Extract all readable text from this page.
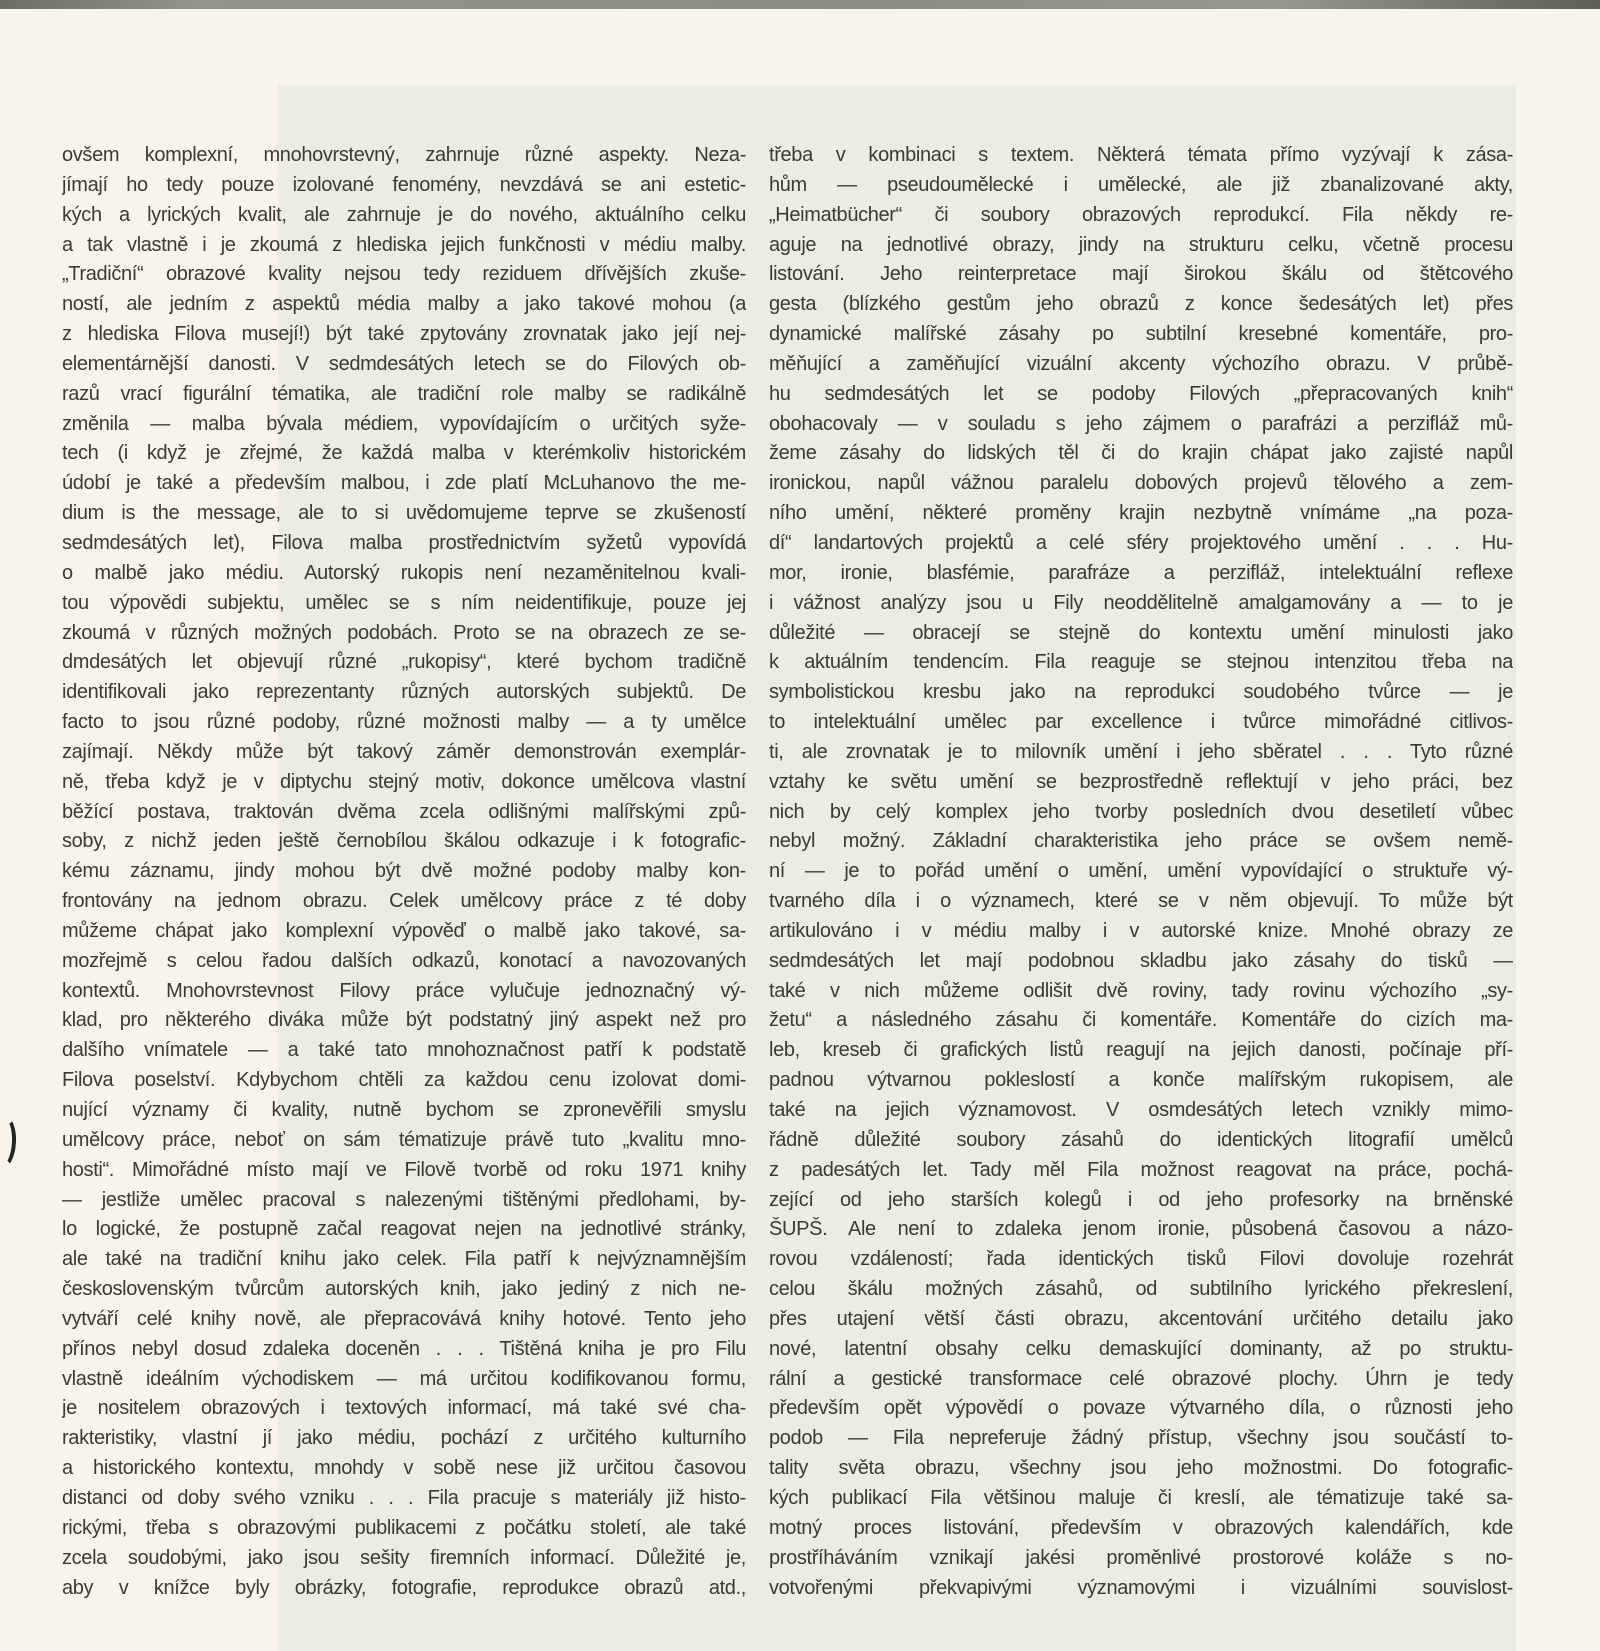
ovšem komplexní, mnohovrstevný, zahrnuje různé aspekty. Neza-
jímají ho tedy pouze izolované fenomény, nevzdává se ani estetic-
kých a lyrických kvalit, ale zahrnuje je do nového, aktuálního celku
a tak vlastně i je zkoumá z hlediska jejich funkčnosti v médiu malby.
„Tradiční“ obrazové kvality nejsou tedy reziduem dřívějších zkuše-
ností, ale jedním z aspektů média malby a jako takové mohou (a
z hlediska Filova musejí!) být také zpytovány zrovnatak jako její nej-
elementárnější danosti. V sedmdesátých letech se do Filových ob-
razů vrací figurální tématika, ale tradiční role malby se radikálně
změnila — malba bývala médiem, vypovídajícím o určitých syže-
tech (i když je zřejmé, že každá malba v kterémkoliv historickém
údobí je také a především malbou, i zde platí McLuhanovo the me-
dium is the message, ale to si uvědomujeme teprve se zkušeností
sedmdesátých let), Filova malba prostřednictvím syžetů vypovídá
o malbě jako médiu. Autorský rukopis není nezaměnitelnou kvali-
tou výpovědi subjektu, umělec se s ním neidentifikuje, pouze jej
zkoumá v různých možných podobách. Proto se na obrazech ze se-
dmdesátých let objevují různé „rukopisy“, které bychom tradičně
identifikovali jako reprezentanty různých autorských subjektů. De
facto to jsou různé podoby, různé možnosti malby — a ty umělce
zajímají. Někdy může být takový záměr demonstrován exemplár-
ně, třeba když je v diptychu stejný motiv, dokonce umělcova vlastní
běžící postava, traktován dvěma zcela odlišnými malířskými způ-
soby, z nichž jeden ještě černobílou škálou odkazuje i k fotografic-
kému záznamu, jindy mohou být dvě možné podoby malby kon-
frontovány na jednom obrazu. Celek umělcovy práce z té doby
můžeme chápat jako komplexní výpověď o malbě jako takové, sa-
mozřejmě s celou řadou dalších odkazů, konotací a navozovaných
kontextů. Mnohovrstevnost Filovy práce vylučuje jednoznačný vý-
klad, pro některého diváka může být podstatný jiný aspekt než pro
dalšího vnímatele — a také tato mnohoznačnost patří k podstatě
Filova poselství. Kdybychom chtěli za každou cenu izolovat domi-
nující významy či kvality, nutně bychom se zpronevěřili smyslu
umělcovy práce, neboť on sám tématizuje právě tuto „kvalitu mno-
hosti“. Mimořádné místo mají ve Filově tvorbě od roku 1971 knihy
— jestliže umělec pracoval s nalezenými tištěnými předlohami, by-
lo logické, že postupně začal reagovat nejen na jednotlivé stránky,
ale také na tradiční knihu jako celek. Fila patří k nejvýznamnějším
československým tvůrcům autorských knih, jako jediný z nich ne-
vytváří celé knihy nově, ale přepracovává knihy hotové. Tento jeho
přínos nebyl dosud zdaleka doceněn . . . Tištěná kniha je pro Filu
vlastně ideálním východiskem — má určitou kodifikovanou formu,
je nositelem obrazových i textových informací, má také své cha-
rakteristiky, vlastní jí jako médiu, pochází z určitého kulturního
a historického kontextu, mnohdy v sobě nese již určitou časovou
distanci od doby svého vzniku . . . Fila pracuje s materiály již histo-
rickými, třeba s obrazovými publikacemi z počátku století, ale také
zcela soudobými, jako jsou sešity firemních informací. Důležité je,
aby v knížce byly obrázky, fotografie, reprodukce obrazů atd.,
třeba v kombinaci s textem. Některá témata přímo vyzývají k zása-
hům — pseudoumělecké i umělecké, ale již zbanalizované akty,
„Heimatbücher“ či soubory obrazových reprodukcí. Fila někdy re-
aguje na jednotlivé obrazy, jindy na strukturu celku, včetně procesu
listování. Jeho reinterpretace mají širokou škálu od štětcového
gesta (blízkého gestům jeho obrazů z konce šedesátých let) přes
dynamické malířské zásahy po subtilní kresebné komentáře, pro-
měňující a zaměňující vizuální akcenty výchozího obrazu. V průbě-
hu sedmdesátých let se podoby Filových „přepracovaných knih“
obohacovaly — v souladu s jeho zájmem o parafrázi a perzifláž mů-
žeme zásahy do lidských těl či do krajin chápat jako zajisté napůl
ironickou, napůl vážnou paralelu dobových projevů tělového a zem-
ního umění, některé proměny krajin nezbytně vnímáme „na poza-
dí“ landartových projektů a celé sféry projektového umění . . . Hu-
mor, ironie, blasfémie, parafráze a perzifláž, intelektuální reflexe
i vážnost analýzy jsou u Fily neoddělitelně amalgamovány a — to je
důležité — obracejí se stejně do kontextu umění minulosti jako
k aktuálním tendencím. Fila reaguje se stejnou intenzitou třeba na
symbolistickou kresbu jako na reprodukci soudobého tvůrce — je
to intelektuální umělec par excellence i tvůrce mimořádné citlivos-
ti, ale zrovnatak je to milovník umění i jeho sběratel . . . Tyto různé
vztahy ke světu umění se bezprostředně reflektují v jeho práci, bez
nich by celý komplex jeho tvorby posledních dvou desetiletí vůbec
nebyl možný. Základní charakteristika jeho práce se ovšem nemě-
ní — je to pořád umění o umění, umění vypovídající o struktuře vý-
tvarného díla i o významech, které se v něm objevují. To může být
artikulováno i v médiu malby i v autorské knize. Mnohé obrazy ze
sedmdesátých let mají podobnou skladbu jako zásahy do tisků —
také v nich můžeme odlišit dvě roviny, tady rovinu výchozího „sy-
žetu“ a následného zásahu či komentáře. Komentáře do cizích ma-
leb, kreseb či grafických listů reagují na jejich danosti, počínaje pří-
padnou výtvarnou pokleslostí a konče malířským rukopisem, ale
také na jejich významovost. V osmdesátých letech vznikly mimo-
řádně důležité soubory zásahů do identických litografií umělců
z padesátých let. Tady měl Fila možnost reagovat na práce, pochá-
zející od jeho starších kolegů i od jeho profesorky na brněnské
ŠUPŠ. Ale není to zdaleka jenom ironie, působená časovou a názo-
rovou vzdáleností; řada identických tisků Filovi dovoluje rozehrát
celou škálu možných zásahů, od subtilního lyrického překreslení,
přes utajení větší části obrazu, akcentování určitého detailu jako
nové, latentní obsahy celku demaskující dominanty, až po struktu-
rální a gestické transformace celé obrazové plochy. Úhrn je tedy
především opět výpovědí o povaze výtvarného díla, o různosti jeho
podob — Fila nepreferuje žádný přístup, všechny jsou součástí to-
tality světa obrazu, všechny jsou jeho možnostmi. Do fotografic-
kých publikací Fila většinou maluje či kreslí, ale tématizuje také sa-
motný proces listování, především v obrazových kalendářích, kde
prostříháváním vznikají jakési proměnlivé prostorové koláže s no-
votvořenými překvapivými významovými i vizuálními souvislost-
